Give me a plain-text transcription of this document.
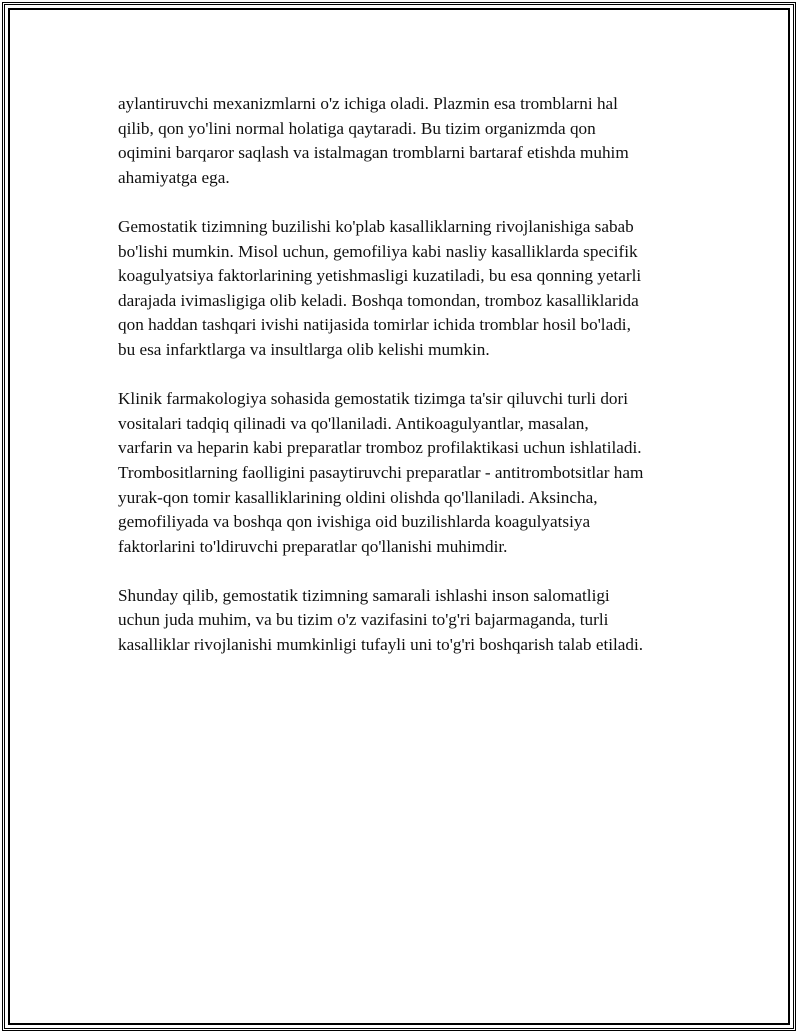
aylantiruvchi mexanizmlarni o'z ichiga oladi. Plazmin esa tromblarni hal
qilib, qon yo'lini normal holatiga qaytaradi. Bu tizim organizmda qon
oqimini barqaror saqlash va istalmagan tromblarni bartaraf etishda muhim
ahamiyatga ega.

Gemostatik tizimning buzilishi ko'plab kasalliklarning rivojlanishiga sabab
bo'lishi mumkin. Misol uchun, gemofiliya kabi nasliy kasalliklarda specifik
koagulyatsiya faktorlarining yetishmasligi kuzatiladi, bu esa qonning yetarli
darajada ivimasligiga olib keladi. Boshqa tomondan, tromboz kasalliklarida
qon haddan tashqari ivishi natijasida tomirlar ichida tromblar hosil bo'ladi,
bu esa infarktlarga va insultlarga olib kelishi mumkin.

Klinik farmakologiya sohasida gemostatik tizimga ta'sir qiluvchi turli dori
vositalari tadqiq qilinadi va qo'llaniladi. Antikoagulyantlar, masalan,
varfarin va heparin kabi preparatlar tromboz profilaktikasi uchun ishlatiladi.
Trombositlarning faolligini pasaytiruvchi preparatlar - antitrombotsitlar ham
yurak-qon tomir kasalliklarining oldini olishda qo'llaniladi. Aksincha,
gemofiliyada va boshqa qon ivishiga oid buzilishlarda koagulyatsiya
faktorlarini to'ldiruvchi preparatlar qo'llanishi muhimdir.

Shunday qilib, gemostatik tizimning samarali ishlashi inson salomatligi
uchun juda muhim, va bu tizim o'z vazifasini to'g'ri bajarmaganda, turli
kasalliklar rivojlanishi mumkinligi tufayli uni to'g'ri boshqarish talab etiladi.
